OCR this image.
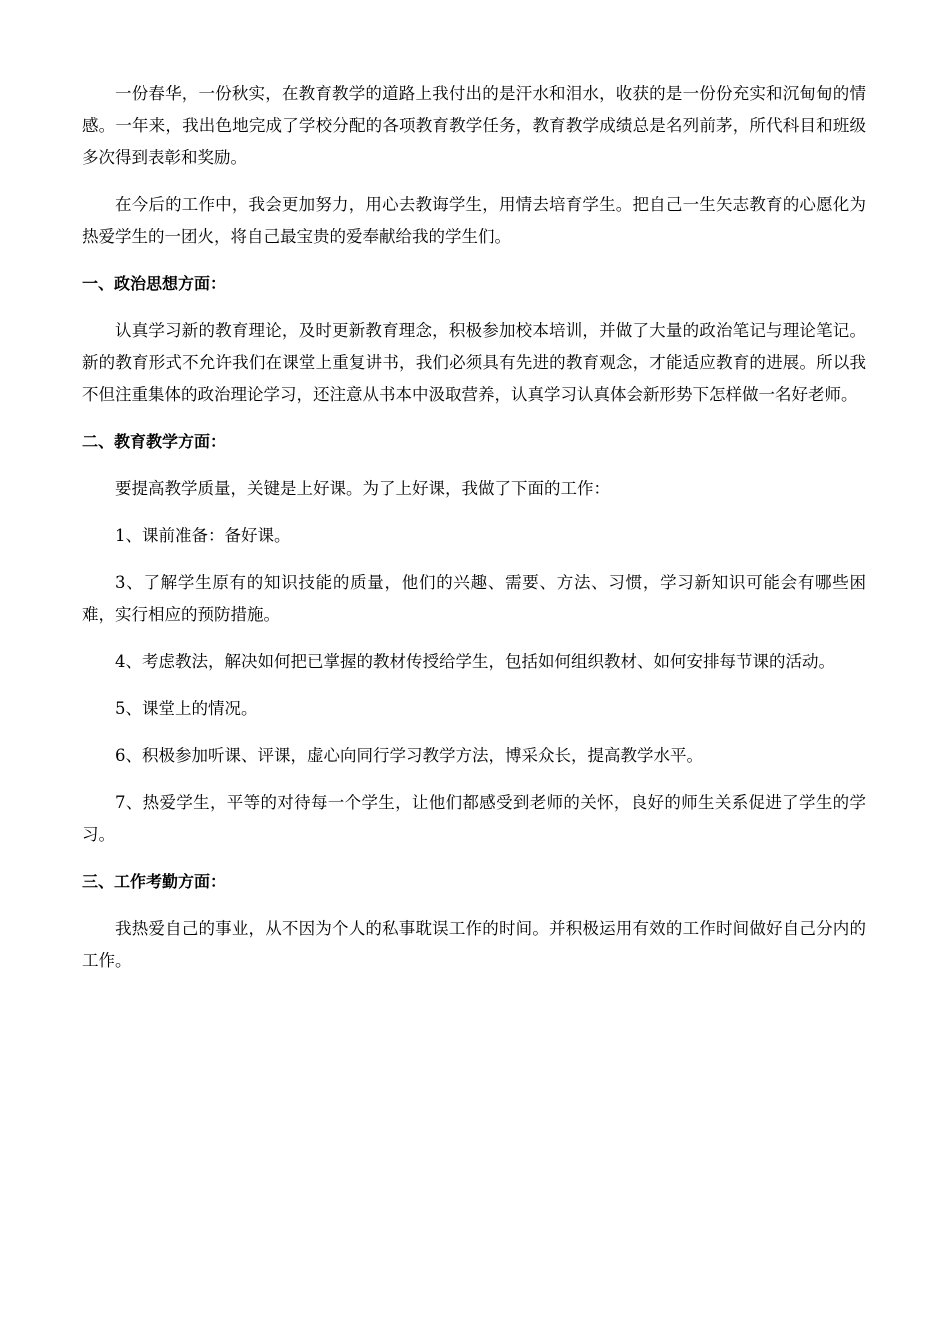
一份春华，一份秋实，在教育教学的道路上我付出的是汗水和泪水，收获的是一份份充实和沉甸甸的情感。一年来，我出色地完成了学校分配的各项教育教学任务，教育教学成绩总是名列前茅，所代科目和班级多次得到表彰和奖励。

在今后的工作中，我会更加努力，用心去教诲学生，用情去培育学生。把自己一生矢志教育的心愿化为热爱学生的一团火，将自己最宝贵的爱奉献给我的学生们。

一、政治思想方面：

认真学习新的教育理论，及时更新教育理念，积极参加校本培训，并做了大量的政治笔记与理论笔记。新的教育形式不允许我们在课堂上重复讲书，我们必须具有先进的教育观念，才能适应教育的进展。所以我不但注重集体的政治理论学习，还注意从书本中汲取营养，认真学习认真体会新形势下怎样做一名好老师。

二、教育教学方面：

要提高教学质量，关键是上好课。为了上好课，我做了下面的工作：

1、课前准备：备好课。

3、了解学生原有的知识技能的质量，他们的兴趣、需要、方法、习惯，学习新知识可能会有哪些困难，实行相应的预防措施。

4、考虑教法，解决如何把已掌握的教材传授给学生，包括如何组织教材、如何安排每节课的活动。

5、课堂上的情况。

6、积极参加听课、评课，虚心向同行学习教学方法，博采众长，提高教学水平。

7、热爱学生，平等的对待每一个学生，让他们都感受到老师的关怀，良好的师生关系促进了学生的学习。

三、工作考勤方面：

我热爱自己的事业，从不因为个人的私事耽误工作的时间。并积极运用有效的工作时间做好自己分内的工作。
